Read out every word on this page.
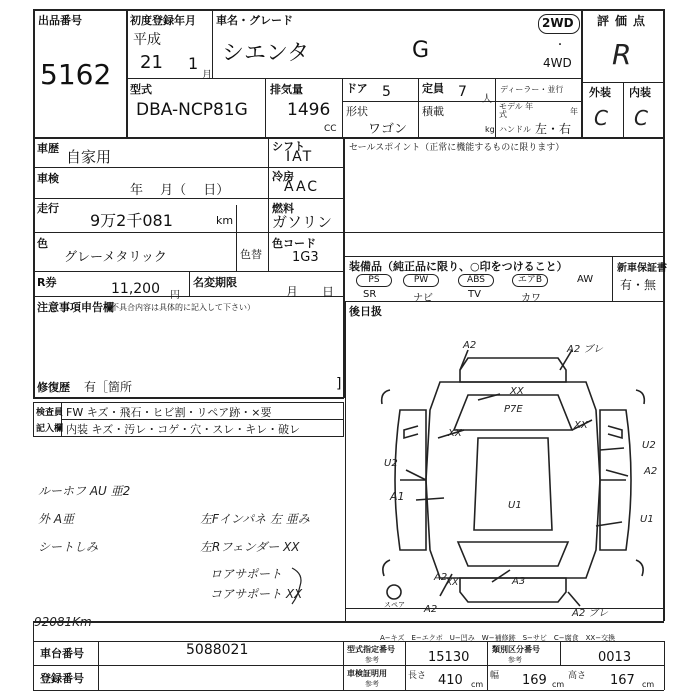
出品番号
5162
初度登録年月
平成
21 1
月
車名・グレード
シエンタ	G
2WD
・
4WD
評価点
R
外装 内装
C C
型式
DBA-NCP81G
排気量
1496
CC
ドア 5	定員 7 人
ディーラー・並行
形状
ワゴン
積載
kg
モデル 年式	年
ハンドル 左・右
車歴 自家用
シフト
IAT
車検
年　 月（　 日）
冷房
AAC
走行
9万2千081	km
燃料
ガソリン
色
グレーメタリック	色替
色コード
1G3
R券	11,200 円
名変期限
月　　日
セールスポイント（正常に機能するものに限ります）
装備品（純正品に限り、○印をつけること）	新車保証書
有・無
PS	PW	ABS	エアB	AW
SR	ナビ	TV	カワ
注意事項申告欄
（不具合内容は具体的に記入して下さい）
修復歴 有［箇所	]
後日扱
検査員
記入欄
FW キズ・飛石・ヒビ割・リペア跡・×要
内装 キズ・汚レ・コゲ・穴・スレ・キレ・破レ
ルーホフ AU 亜2
外 A亜
シートしみ
左Fインパネ 左 亜み
左Rフェンダー XX
ロアサポート
コアサポート XX
92081Km
A2	A2 ブレ
XX
P7E
XX
XX
U2
U2
A2
A1
U1
U1
A2	A3
XX
A2	A2 ブレ
スペア
A−キズ　E−エクボ　U−凹み　W−補修跡　S−サビ　C−腐食　XX−交換
車台番号	5088021
登録番号
型式指定番号
参考	15130
類別区分番号
参考	0013
車検証明用
参考
長さ 410 cm
幅 169 cm
高さ 167 cm
